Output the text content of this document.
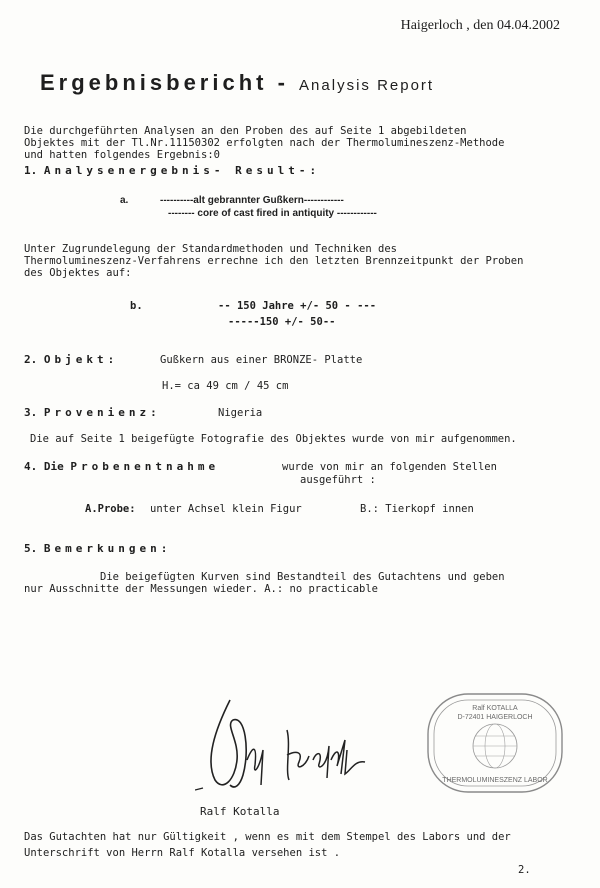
Haigerloch , den 04.04.2002
Ergebnisbericht - Analysis Report
Die durchgeführten Analysen an den Proben des auf Seite 1 abgebildeten
Objektes mit der Tl.Nr.11150302 erfolgten nach der Thermolumineszenz-Methode
und hatten folgendes Ergebnis:0
1. Analysenergebnis- Result-:
a.	----------alt gebrannter Gußkern------------
-------- core of cast fired in antiquity ------------
Unter Zugrundelegung der Standardmethoden und Techniken des
Thermolumineszenz-Verfahrens errechne ich den letzten Brennzeitpunkt der Proben
des Objektes auf:
b.	-- 150 Jahre +/- 50 - ---
-----150 +/- 50--
2. Objekt:	Gußkern aus einer BRONZE- Platte
H.= ca 49 cm / 45 cm
3. Provenienz:	Nigeria
Die auf Seite 1 beigefügte Fotografie des Objektes wurde von mir aufgenommen.
4. Die Probenentnahme	wurde von mir an folgenden Stellen
ausgeführt :
A.Probe: unter Achsel klein Figur	B.: Tierkopf innen
5. Bemerkungen:
Die beigefügten Kurven sind Bestandteil des Gutachtens und geben
nur Ausschnitte der Messungen wieder. A.: no practicable
Ralf KOTALLA
D-72401 HAIGERLOCH
THERMOLUMINESZENZ LABOR
Ralf Kotalla
Das Gutachten hat nur Gültigkeit , wenn es mit dem Stempel des Labors und der
Unterschrift von Herrn Ralf Kotalla versehen ist .
2.
